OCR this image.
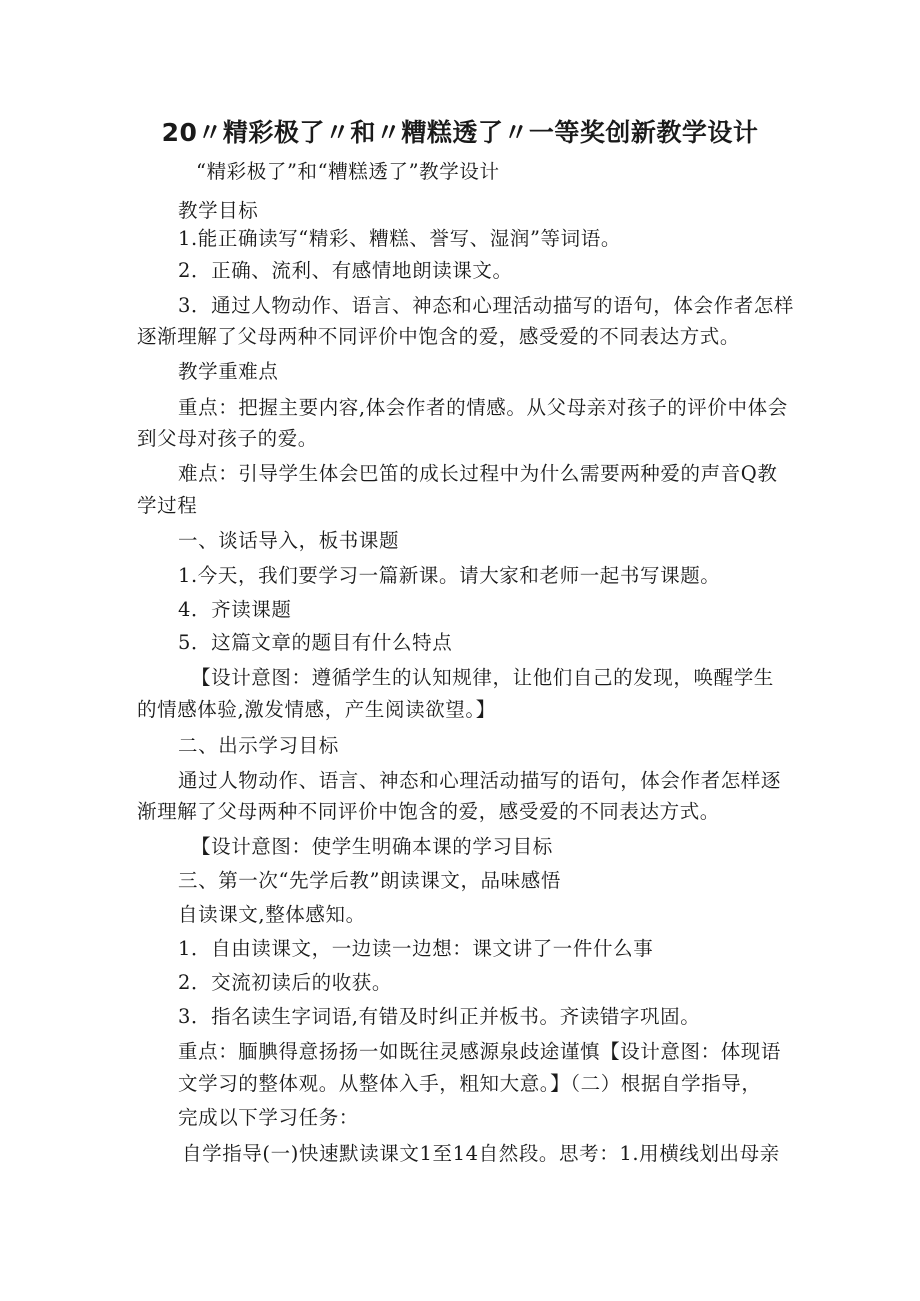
20〃精彩极了〃和〃糟糕透了〃一等奖创新教学设计
“精彩极了”和“糟糕透了”教学设计
教学目标
1.能正确读写“精彩、糟糕、誉写、湿润”等词语。
2．正确、流利、有感情地朗读课文。
3．通过人物动作、语言、神态和心理活动描写的语句，体会作者怎样
逐渐理解了父母两种不同评价中饱含的爱，感受爱的不同表达方式。
教学重难点
重点：把握主要内容,体会作者的情感。从父母亲对孩子的评价中体会
到父母对孩子的爱。
难点：引导学生体会巴笛的成长过程中为什么需要两种爱的声音Q教
学过程
一、谈话导入，板书课题
1.今天，我们要学习一篇新课。请大家和老师一起书写课题。
4．齐读课题
5．这篇文章的题目有什么特点
【设计意图：遵循学生的认知规律，让他们自己的发现，唤醒学生
的情感体验,激发情感，产生阅读欲望。】
二、出示学习目标
通过人物动作、语言、神态和心理活动描写的语句，体会作者怎样逐
渐理解了父母两种不同评价中饱含的爱，感受爱的不同表达方式。
【设计意图：使学生明确本课的学习目标
三、第一次“先学后教”朗读课文，品味感悟
自读课文,整体感知。
1．自由读课文，一边读一边想：课文讲了一件什么事
2．交流初读后的收获。
3．指名读生字词语,有错及时纠正并板书。齐读错字巩固。
重点：腼腆得意扬扬一如既往灵感源泉歧途谨慎【设计意图：体现语
文学习的整体观。从整体入手，粗知大意。】（二）根据自学指导，
完成以下学习任务：
自学指导(一)快速默读课文1至14自然段。思考：1.用横线划出母亲
